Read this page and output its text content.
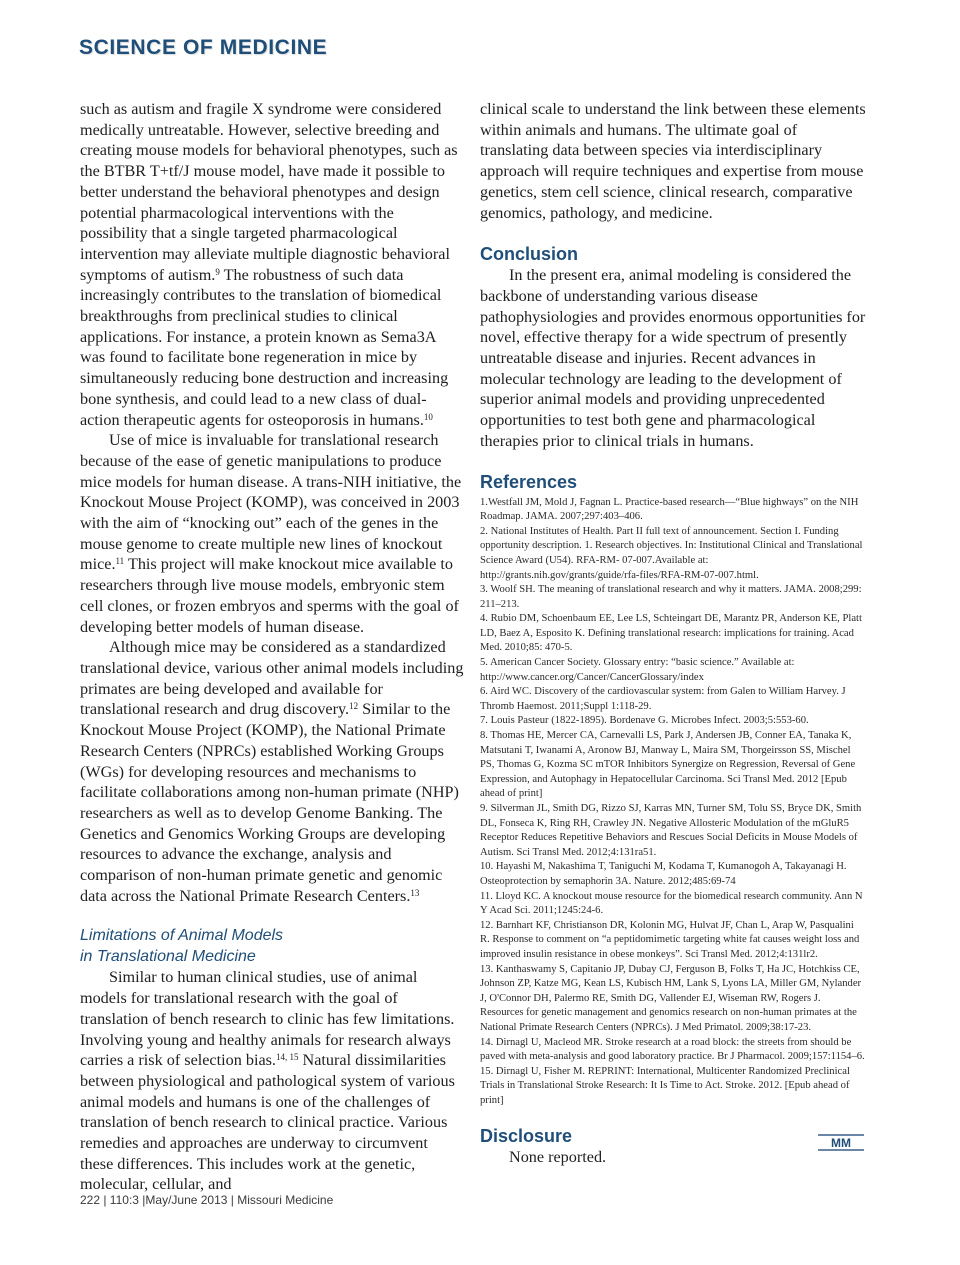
SCIENCE OF MEDICINE

such as autism and fragile X syndrome were considered medically untreatable. However, selective breeding and creating mouse models for behavioral phenotypes, such as the BTBR T+tf/J mouse model, have made it possible to better understand the behavioral phenotypes and design potential pharmacological interventions with the possibility that a single targeted pharmacological intervention may alleviate multiple diagnostic behavioral symptoms of autism.$^9$ The robustness of such data increasingly contributes to the translation of biomedical breakthroughs from preclinical studies to clinical applications. For instance, a protein known as Sema3A was found to facilitate bone regeneration in mice by simultaneously reducing bone destruction and increasing bone synthesis, and could lead to a new class of dual-action therapeutic agents for osteoporosis in humans.$^{10}$

Use of mice is invaluable for translational research because of the ease of genetic manipulations to produce mice models for human disease. A trans-NIH initiative, the Knockout Mouse Project (KOMP), was conceived in 2003 with the aim of “knocking out” each of the genes in the mouse genome to create multiple new lines of knockout mice.$^{11}$ This project will make knockout mice available to researchers through live mouse models, embryonic stem cell clones, or frozen embryos and sperms with the goal of developing better models of human disease.

Although mice may be considered as a standardized translational device, various other animal models including primates are being developed and available for translational research and drug discovery.$^{12}$ Similar to the Knockout Mouse Project (KOMP), the National Primate Research Centers (NPRCs) established Working Groups (WGs) for developing resources and mechanisms to facilitate collaborations among non-human primate (NHP) researchers as well as to develop Genome Banking. The Genetics and Genomics Working Groups are developing resources to advance the exchange, analysis and comparison of non-human primate genetic and genomic data across the National Primate Research Centers.$^{13}$

Limitations of Animal Models
in Translational Medicine

Similar to human clinical studies, use of animal models for translational research with the goal of translation of bench research to clinic has few limitations. Involving young and healthy animals for research always carries a risk of selection bias.$^{14, 15}$ Natural dissimilarities between physiological and pathological system of various animal models and humans is one of the challenges of translation of bench research to clinical practice. Various remedies and approaches are underway to circumvent these differences. This includes work at the genetic, molecular, cellular, and

clinical scale to understand the link between these elements within animals and humans. The ultimate goal of translating data between species via interdisciplinary approach will require techniques and expertise from mouse genetics, stem cell science, clinical research, comparative genomics, pathology, and medicine.

Conclusion

In the present era, animal modeling is considered the backbone of understanding various disease pathophysiologies and provides enormous opportunities for novel, effective therapy for a wide spectrum of presently untreatable disease and injuries. Recent advances in molecular technology are leading to the development of superior animal models and providing unprecedented opportunities to test both gene and pharmacological therapies prior to clinical trials in humans.

References

1.Westfall JM, Mold J, Fagnan L. Practice-based research—“Blue highways” on the NIH Roadmap. JAMA. 2007;297:403–406.

2. National Institutes of Health. Part II full text of announcement. Section I. Funding opportunity description. 1. Research objectives. In: Institutional Clinical and Translational Science Award (U54). RFA-RM- 07-007.Available at: http://grants.nih.gov/grants/guide/rfa-files/RFA-RM-07-007.html.

3. Woolf SH. The meaning of translational research and why it matters. JAMA. 2008;299: 211–213.

4. Rubio DM, Schoenbaum EE, Lee LS, Schteingart DE, Marantz PR, Anderson KE, Platt LD, Baez A, Esposito K. Defining translational research: implications for training. Acad Med. 2010;85: 470-5.

5. American Cancer Society. Glossary entry: “basic science.” Available at: http://www.cancer.org/Cancer/CancerGlossary/index

6. Aird WC. Discovery of the cardiovascular system: from Galen to William Harvey. J Thromb Haemost. 2011;Suppl 1:118-29.

7. Louis Pasteur (1822-1895). Bordenave G. Microbes Infect. 2003;5:553-60.

8. Thomas HE, Mercer CA, Carnevalli LS, Park J, Andersen JB, Conner EA, Tanaka K, Matsutani T, Iwanami A, Aronow BJ, Manway L, Maira SM, Thorgeirsson SS, Mischel PS, Thomas G, Kozma SC mTOR Inhibitors Synergize on Regression, Reversal of Gene Expression, and Autophagy in Hepatocellular Carcinoma. Sci Transl Med. 2012 [Epub ahead of print]

9. Silverman JL, Smith DG, Rizzo SJ, Karras MN, Turner SM, Tolu SS, Bryce DK, Smith DL, Fonseca K, Ring RH, Crawley JN. Negative Allosteric Modulation of the mGluR5 Receptor Reduces Repetitive Behaviors and Rescues Social Deficits in Mouse Models of Autism. Sci Transl Med. 2012;4:131ra51.

10. Hayashi M, Nakashima T, Taniguchi M, Kodama T, Kumanogoh A, Takayanagi H. Osteoprotection by semaphorin 3A. Nature. 2012;485:69-74

11. Lloyd KC. A knockout mouse resource for the biomedical research community. Ann N Y Acad Sci. 2011;1245:24-6.

12. Barnhart KF, Christianson DR, Kolonin MG, Hulvat JF, Chan L, Arap W, Pasqualini R. Response to comment on “a peptidomimetic targeting white fat causes weight loss and improved insulin resistance in obese monkeys”. Sci Transl Med. 2012;4:131lr2.

13. Kanthaswamy S, Capitanio JP, Dubay CJ, Ferguson B, Folks T, Ha JC, Hotchkiss CE, Johnson ZP, Katze MG, Kean LS, Kubisch HM, Lank S, Lyons LA, Miller GM, Nylander J, O'Connor DH, Palermo RE, Smith DG, Vallender EJ, Wiseman RW, Rogers J. Resources for genetic management and genomics research on non-human primates at the National Primate Research Centers (NPRCs). J Med Primatol. 2009;38:17-23.

14. Dirnagl U, Macleod MR. Stroke research at a road block: the streets from should be paved with meta-analysis and good laboratory practice. Br J Pharmacol. 2009;157:1154–6.

15. Dirnagl U, Fisher M. REPRINT: International, Multicenter Randomized Preclinical Trials in Translational Stroke Research: It Is Time to Act. Stroke. 2012. [Epub ahead of print]

Disclosure

None reported.

MM
222 | 110:3 |May/June 2013 | Missouri Medicine
